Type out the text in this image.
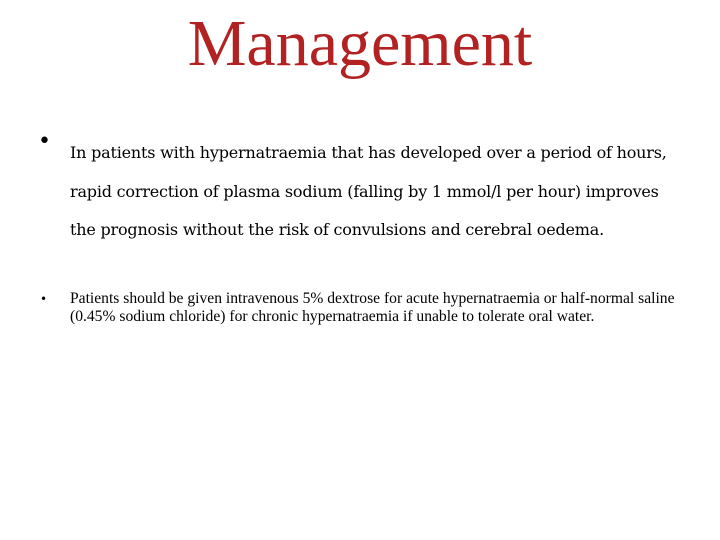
Management
• In patients with hypernatraemia that has developed over a period of hours, rapid correction of plasma sodium (falling by 1 mmol/l per hour) improves the prognosis without the risk of convulsions and cerebral oedema.
• Patients should be given intravenous 5% dextrose for acute hypernatraemia or half-normal saline (0.45% sodium chloride) for chronic hypernatraemia if unable to tolerate oral water.
